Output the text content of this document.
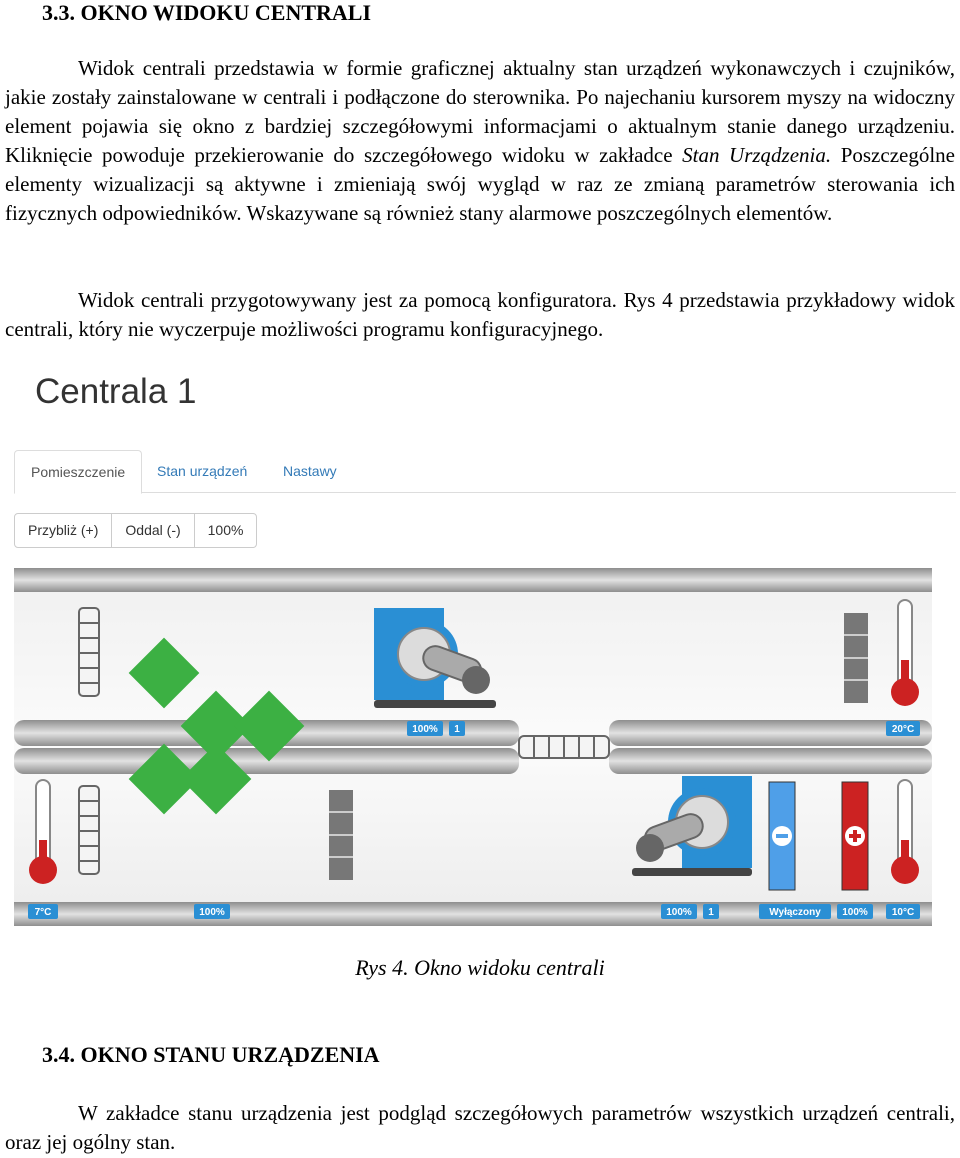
3.3. OKNO WIDOKU CENTRALI
Widok centrali przedstawia w formie graficznej aktualny stan urządzeń wykonawczych i czujników, jakie zostały zainstalowane w centrali i podłączone do sterownika. Po najechaniu kursorem myszy na widoczny element pojawia się okno z bardziej szczegółowymi informacjami o aktualnym stanie danego urządzeniu. Kliknięcie powoduje przekierowanie do szczegółowego widoku w zakładce Stan Urządzenia. Poszczególne elementy wizualizacji są aktywne i zmieniają swój wygląd w raz ze zmianą parametrów sterowania ich fizycznych odpowiedników. Wskazywane są również stany alarmowe poszczególnych elementów.
Widok centrali przygotowywany jest za pomocą konfiguratora. Rys 4 przedstawia przykładowy widok centrali, który nie wyczerpuje możliwości programu konfiguracyjnego.
Centrala 1
Pomieszczenie	Stan urządzeń	Nastawy
Przybliż (+)	Oddal (-)	100%
100% 1	20°C
7°C	100%	100% 1	Wyłączony 100% 10°C
Rys 4. Okno widoku centrali
3.4. OKNO STANU URZĄDZENIA
W zakładce stanu urządzenia jest podgląd szczegółowych parametrów wszystkich urządzeń centrali, oraz jej ogólny stan.
